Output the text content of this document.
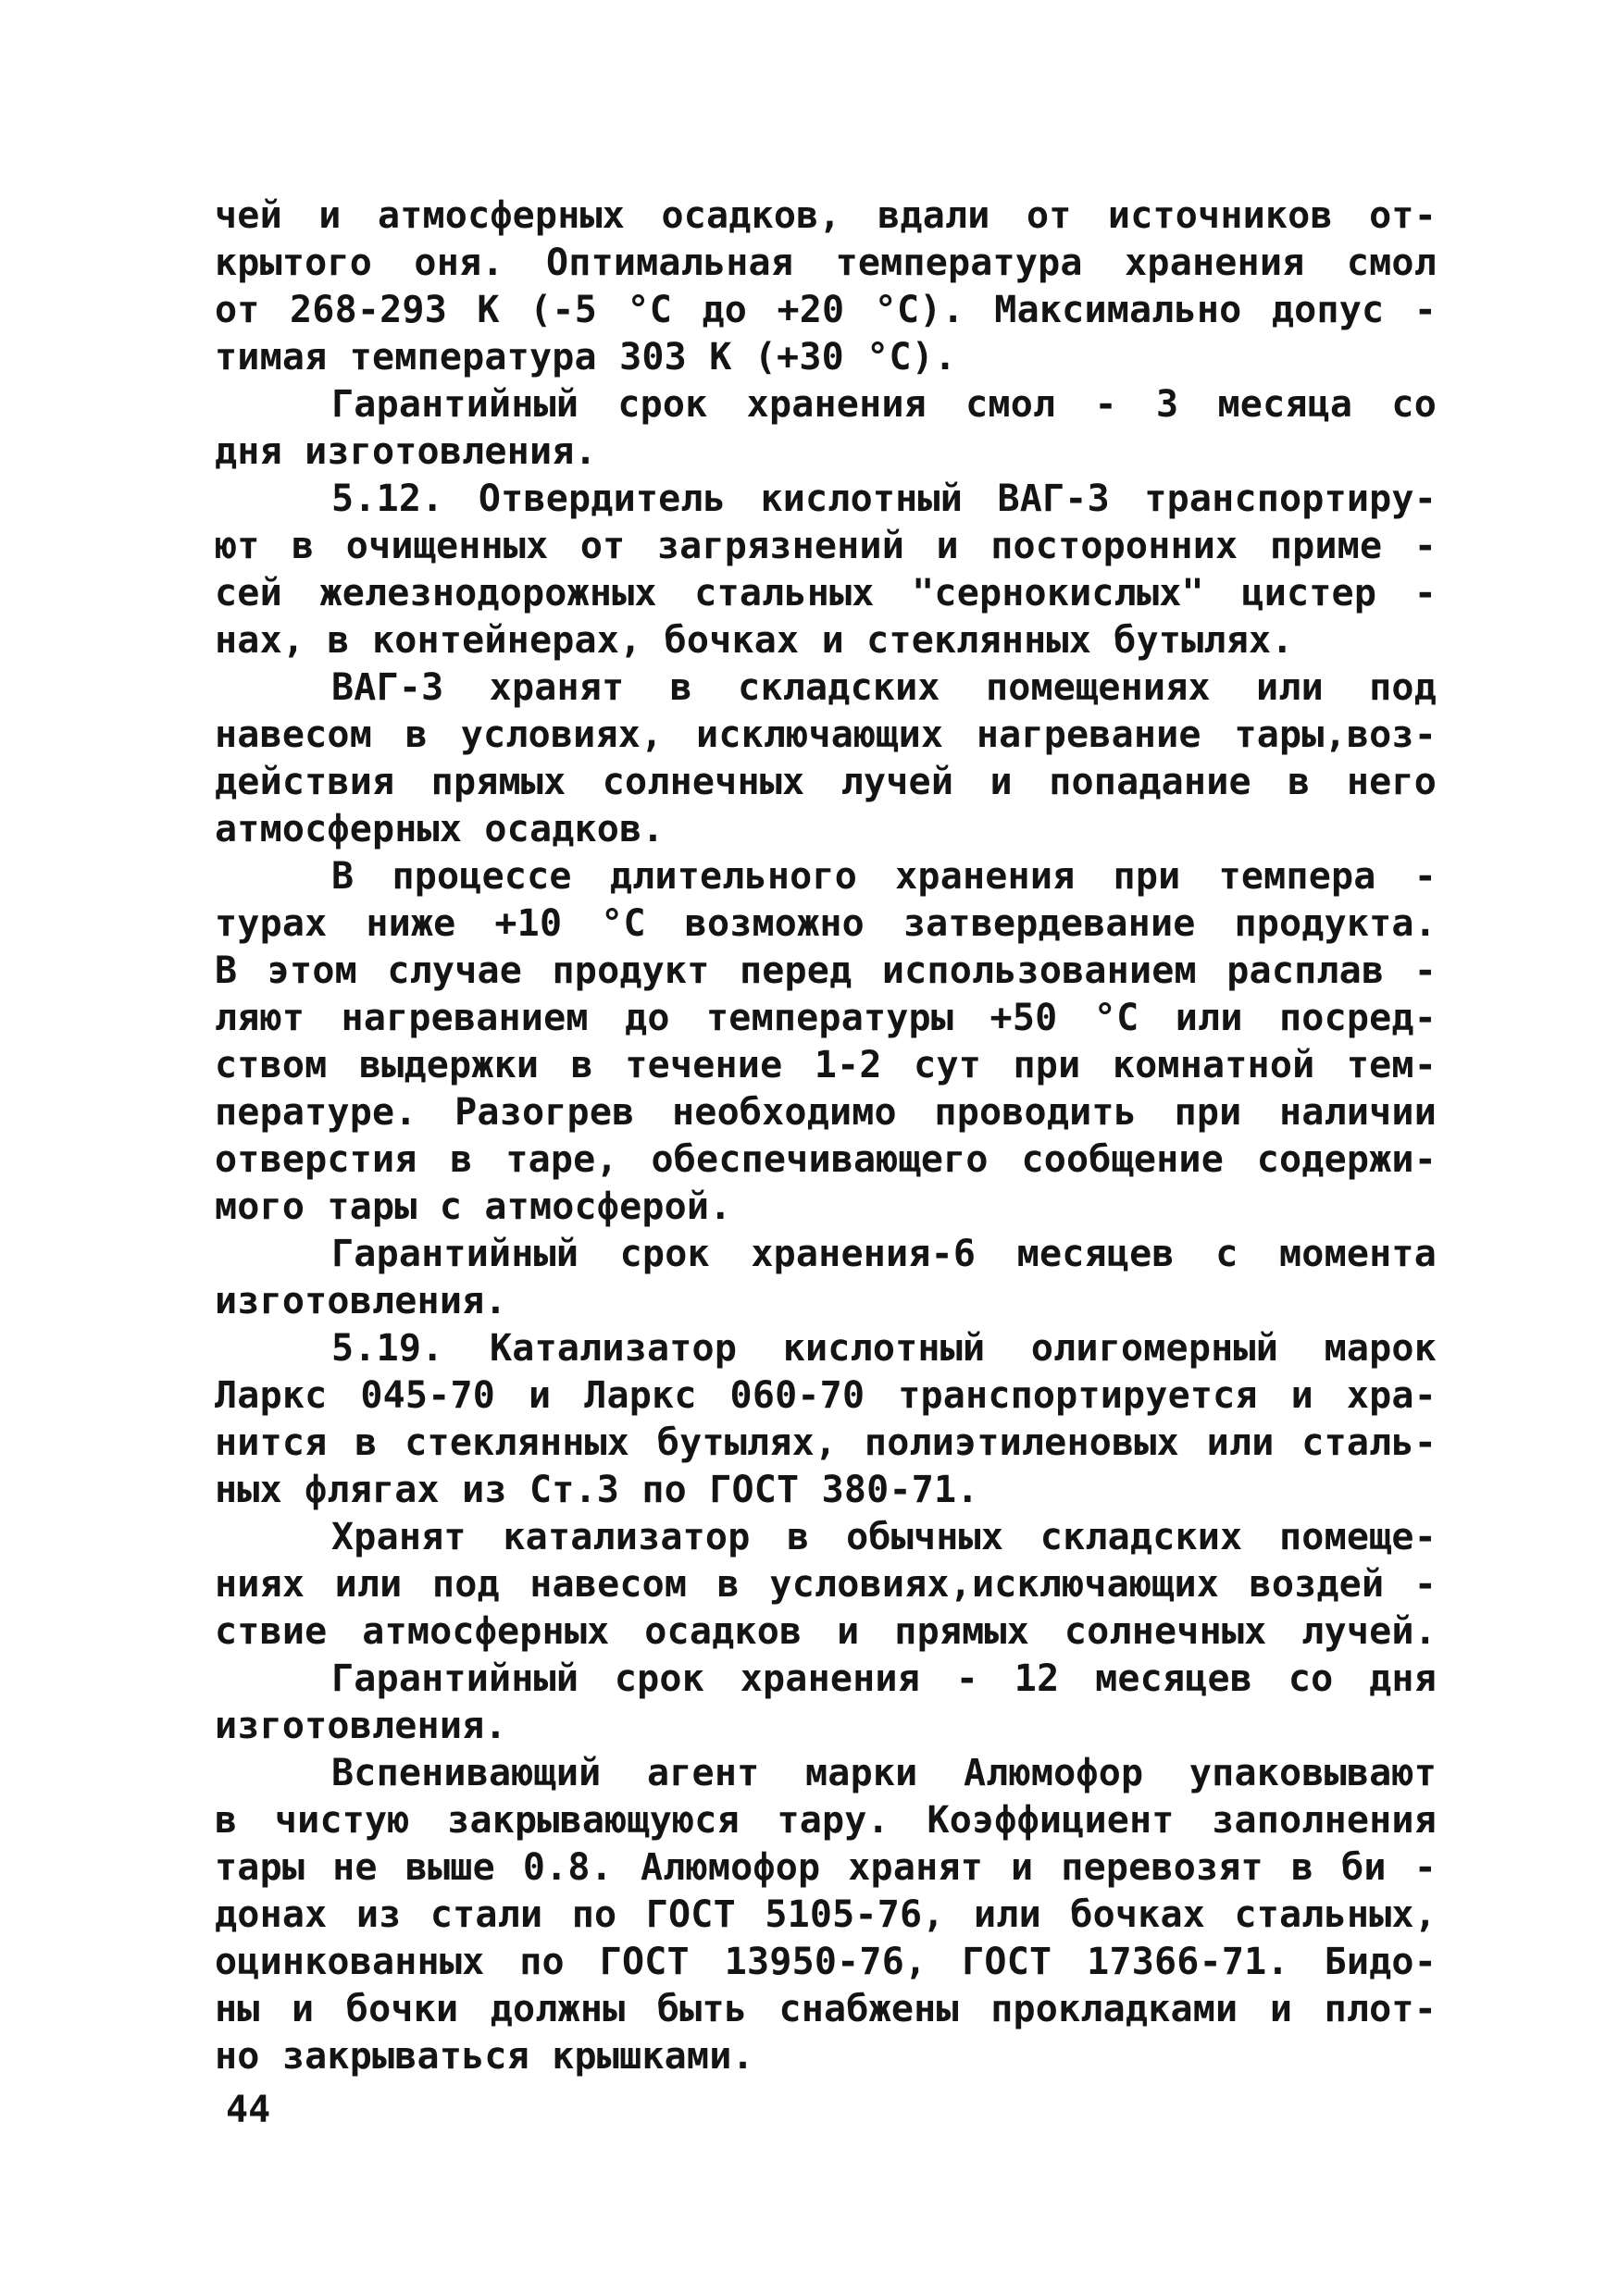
чей и атмосферных осадков, вдали от источников от-
крытого оня. Оптимальная температура хранения смол
от 268-293 К (-5 °С до +20 °С). Максимально допус -
тимая температура 303 К (+30 °С).
Гарантийный срок хранения смол - 3 месяца со
дня изготовления.
5.12. Отвердитель кислотный ВАГ-3 транспортиру-
ют в очищенных от загрязнений и посторонних приме -
сей железнодорожных стальных "сернокислых" цистер -
нах, в контейнерах, бочках и стеклянных бутылях.
ВАГ-3 хранят в складских помещениях или под
навесом в условиях, исключающих нагревание тары,воз-
действия прямых солнечных лучей и попадание в него
атмосферных осадков.
В процессе длительного хранения при темпера -
турах ниже +10 °С возможно затвердевание продукта.
В этом случае продукт перед использованием расплав -
ляют нагреванием до температуры +50 °С или посред-
ством выдержки в течение 1-2 сут при комнатной тем-
пературе. Разогрев необходимо проводить при наличии
отверстия в таре, обеспечивающего сообщение содержи-
мого тары с атмосферой.
Гарантийный срок хранения-6 месяцев с момента
изготовления.
5.19. Катализатор кислотный олигомерный марок
Ларкс 045-70 и Ларкс 060-70 транспортируется и хра-
нится в стеклянных бутылях, полиэтиленовых или сталь-
ных флягах из Ст.3 по ГОСТ 380-71.
Хранят катализатор в обычных складских помеще-
ниях или под навесом в условиях,исключающих воздей -
ствие атмосферных осадков и прямых солнечных лучей.
Гарантийный срок хранения - 12 месяцев со дня
изготовления.
Вспенивающий агент марки Алюмофор упаковывают
в чистую закрывающуюся тару. Коэффициент заполнения
тары не выше 0.8. Алюмофор хранят и перевозят в би -
донах из стали по ГОСТ 5105-76, или бочках стальных,
оцинкованных по ГОСТ 13950-76, ГОСТ 17366-71. Бидо-
ны и бочки должны быть снабжены прокладками и плот-
но закрываться крышками.
44
